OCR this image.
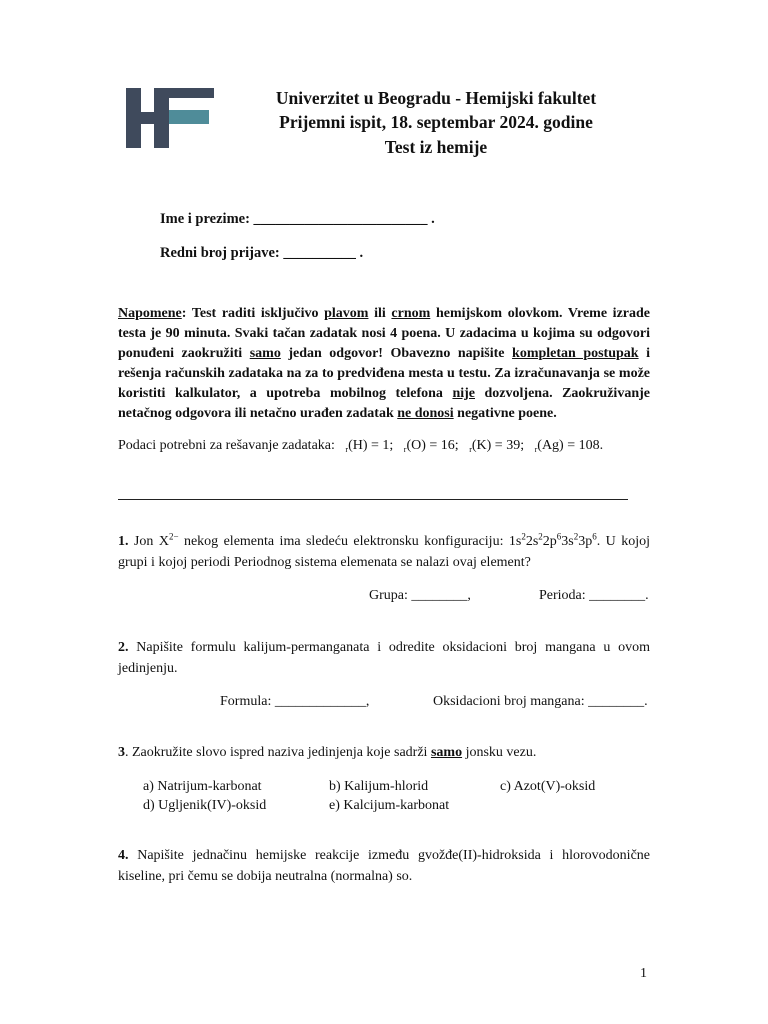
Univerzitet u Beogradu - Hemijski fakultet
Prijemni ispit, 18. septembar 2024. godine
Test iz hemije
Ime i prezime: ________________________ .
Redni broj prijave: __________ .
Napomene: Test raditi isključivo plavom ili crnom hemijskom olovkom. Vreme izrade testa je 90 minuta. Svaki tačan zadatak nosi 4 poena. U zadacima u kojima su odgovori ponuđeni zaokružiti samo jedan odgovor! Obavezno napišite kompletan postupak i rešenja računskih zadataka na za to predviđena mesta u testu. Za izračunavanja se može koristiti kalkulator, a upotreba mobilnog telefona nije dozvoljena. Zaokruživanje netačnog odgovora ili netačno urađen zadatak ne donosi negativne poene.
Podaci potrebni za rešavanje zadataka: $_r$(H) = 1; $_r$(O) = 16; $_r$(K) = 39; $_r$(Ag) = 108.
1. Jon $X^{2-}$ nekog elementa ima sledeću elektronsku konfiguraciju: $1s^22s^22p^63s^23p^6$. U kojoj grupi i kojoj periodi Periodnog sistema elemenata se nalazi ovaj element?
Grupa: ________,	Perioda: ________.
2. Napišite formulu kalijum-permanganata i odredite oksidacioni broj mangana u ovom jedinjenju.
Formula: _____________,	Oksidacioni broj mangana: ________.
3. Zaokružite slovo ispred naziva jedinjenja koje sadrži samo jonsku vezu.
a) Natrijum-karbonat	b) Kalijum-hlorid	c) Azot(V)-oksid
d) Ugljenik(IV)-oksid	e) Kalcijum-karbonat
4. Napišite jednačinu hemijske reakcije između gvožđe(II)-hidroksida i hlorovodonične kiseline, pri čemu se dobija neutralna (normalna) so.
1
